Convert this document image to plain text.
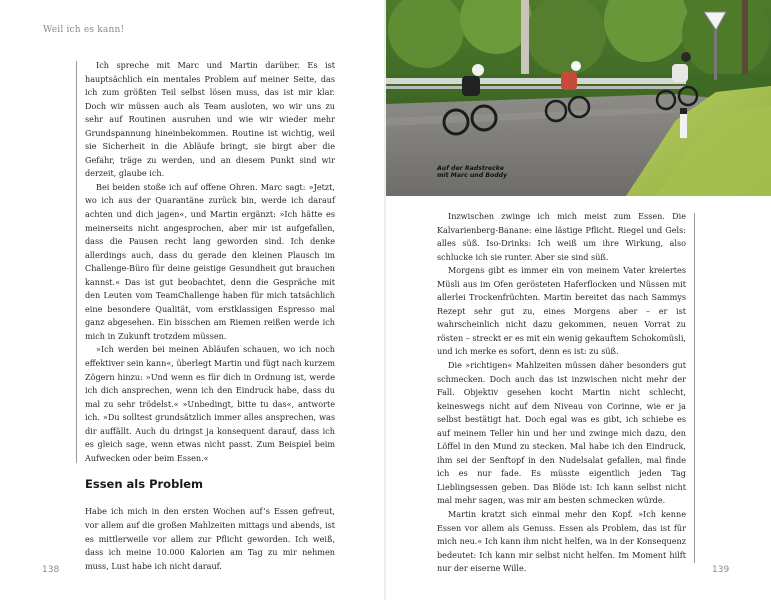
Weil ich es kann!

Ich spreche mit Marc und Martin darüber. Es ist hauptsächlich ein mentales Problem auf meiner Seite, das ich zum größten Teil selbst lösen muss, das ist mir klar. Doch wir müssen auch als Team ausloten, wo wir uns zu sehr auf Routinen ausruhen und wie wir wieder mehr Grundspannung hineinbekommen. Routine ist wichtig, weil sie Sicherheit in die Abläufe bringt, sie birgt aber die Gefahr, träge zu werden, und an diesem Punkt sind wir derzeit, glaube ich.

Bei beiden stoße ich auf offene Ohren. Marc sagt: »Jetzt, wo ich aus der Quarantäne zurück bin, werde ich darauf achten und dich jagen«, und Martin ergänzt: »Ich hätte es meinerseits nicht angesprochen, aber mir ist aufgefallen, dass die Pausen recht lang geworden sind. Ich denke allerdings auch, dass du gerade den kleinen Plausch im Challenge-Büro für deine geistige Gesundheit gut brauchen kannst.« Das ist gut beobachtet, denn die Gespräche mit den Leuten vom TeamChallenge haben für mich tatsächlich eine besondere Qualität, vom erstklassigen Espresso mal ganz abgesehen. Ein bisschen am Riemen reißen werde ich mich in Zukunft trotzdem müssen.

»Ich werden bei meinen Abläufen schauen, wo ich noch effektiver sein kann«, überlegt Martin und fügt nach kurzem Zögern hinzu: »Und wenn es für dich in Ordnung ist, werde ich dich ansprechen, wenn ich den Eindruck habe, dass du mal zu sehr trödelst.« »Unbedingt, bitte tu das«, antworte ich. »Du solltest grundsätzlich immer alles ansprechen, was dir auffällt. Auch du dringst ja konsequent darauf, dass ich es gleich sage, wenn etwas nicht passt. Zum Beispiel beim Aufwecken oder beim Essen.«

Essen als Problem

Habe ich mich in den ersten Wochen auf’s Essen gefreut, vor allem auf die großen Mahlzeiten mittags und abends, ist es mittlerweile vor allem zur Pflicht geworden. Ich weiß, dass ich meine 10.000 Kalorien am Tag zu mir nehmen muss, Lust habe ich nicht darauf.

138
Auf der Radstrecke
mit Marc und Boddy

Inzwischen zwinge ich mich meist zum Essen. Die Kalvarienberg-Banane: eine lästige Pflicht. Riegel und Gels: alles süß. Iso-Drinks: Ich weiß um ihre Wirkung, also schlucke ich sie runter. Aber sie sind süß.

Morgens gibt es immer ein von meinem Vater kreiertes Müsli aus im Ofen gerösteten Haferflocken und Nüssen mit allerlei Trockenfrüchten. Martin bereitet das nach Sammys Rezept sehr gut zu, eines Morgens aber – er ist wahrscheinlich nicht dazu gekommen, neuen Vorrat zu rösten – streckt er es mit ein wenig gekauftem Schokomüsli, und ich merke es sofort, denn es ist: zu süß.

Die »richtigen« Mahlzeiten müssen daher besonders gut schmecken. Doch auch das ist inzwischen nicht mehr der Fall. Objektiv gesehen kocht Martin nicht schlecht, keineswegs nicht auf dem Niveau von Corinne, wie er ja selbst bestätigt hat. Doch egal was es gibt, ich schiebe es auf meinem Teller hin und her und zwinge mich dazu, den Löffel in den Mund zu stecken. Mal habe ich den Eindruck, ihm sei der Senftopf in den Nudelsalat gefallen, mal finde ich es nur fade. Es müsste eigentlich jeden Tag Lieblingsessen geben. Das Blöde ist: Ich kann selbst nicht mal mehr sagen, was mir am besten schmecken würde.

Martin kratzt sich einmal mehr den Kopf. »Ich kenne Essen vor allem als Genuss. Essen als Problem, das ist für mich neu.« Ich kann ihm nicht helfen, wa in der Konsequenz bedeutet: Ich kann mir selbst nicht helfen. Im Moment hilft nur der eiserne Wille.	139
